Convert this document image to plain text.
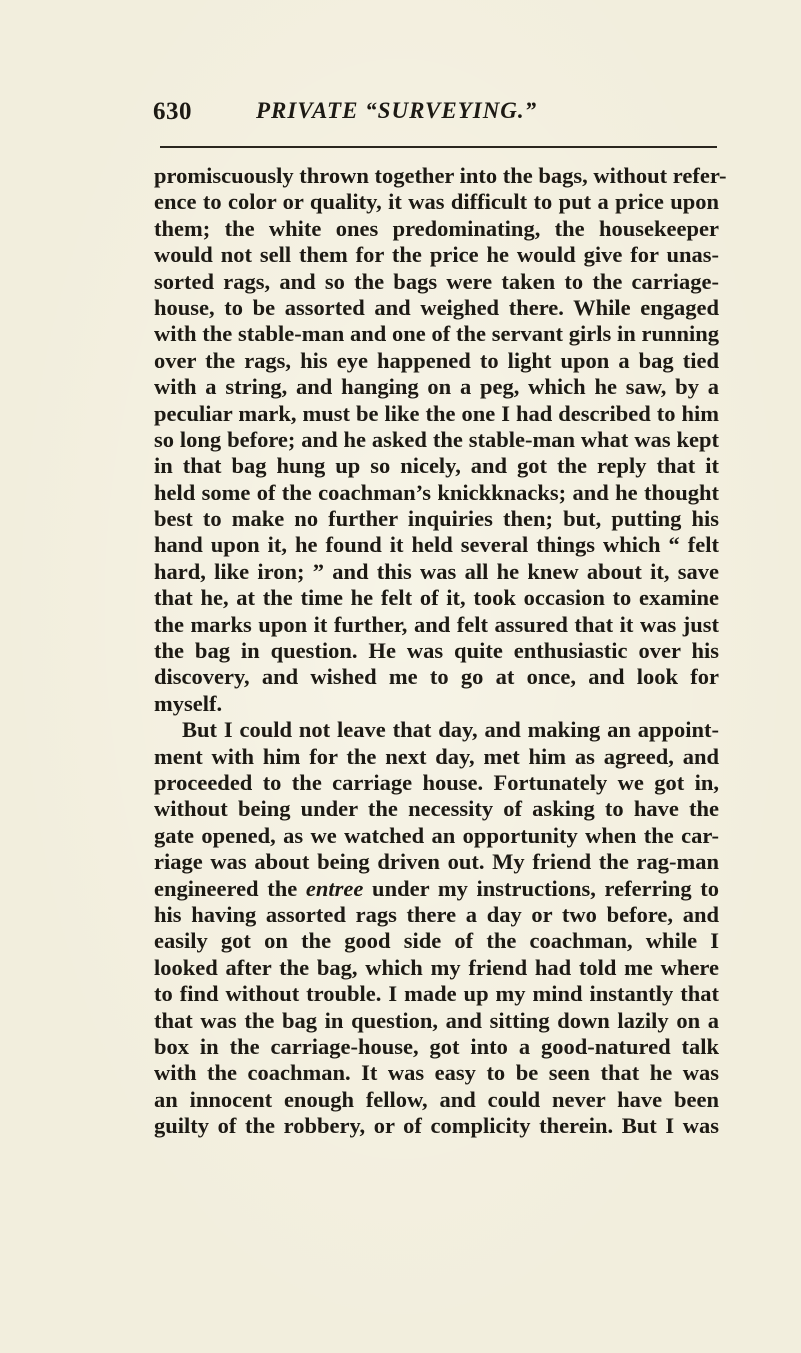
630	PRIVATE “SURVEYING.”
promiscuously thrown together into the bags, without refer-
ence to color or quality, it was difficult to put a price upon
them; the white ones predominating, the housekeeper
would not sell them for the price he would give for unas-
sorted rags, and so the bags were taken to the carriage-
house, to be assorted and weighed there. While engaged
with the stable-man and one of the servant girls in running
over the rags, his eye happened to light upon a bag tied
with a string, and hanging on a peg, which he saw, by a
peculiar mark, must be like the one I had described to him
so long before; and he asked the stable-man what was kept
in that bag hung up so nicely, and got the reply that it
held some of the coachman’s knickknacks; and he thought
best to make no further inquiries then; but, putting his
hand upon it, he found it held several things which “ felt
hard, like iron; ” and this was all he knew about it, save
that he, at the time he felt of it, took occasion to examine
the marks upon it further, and felt assured that it was just
the bag in question. He was quite enthusiastic over his
discovery, and wished me to go at once, and look for
myself.
But I could not leave that day, and making an appoint-
ment with him for the next day, met him as agreed, and
proceeded to the carriage house. Fortunately we got in,
without being under the necessity of asking to have the
gate opened, as we watched an opportunity when the car-
riage was about being driven out. My friend the rag-man
engineered the entree under my instructions, referring to
his having assorted rags there a day or two before, and
easily got on the good side of the coachman, while I
looked after the bag, which my friend had told me where
to find without trouble. I made up my mind instantly that
that was the bag in question, and sitting down lazily on a
box in the carriage-house, got into a good-natured talk
with the coachman. It was easy to be seen that he was
an innocent enough fellow, and could never have been
guilty of the robbery, or of complicity therein. But I was
